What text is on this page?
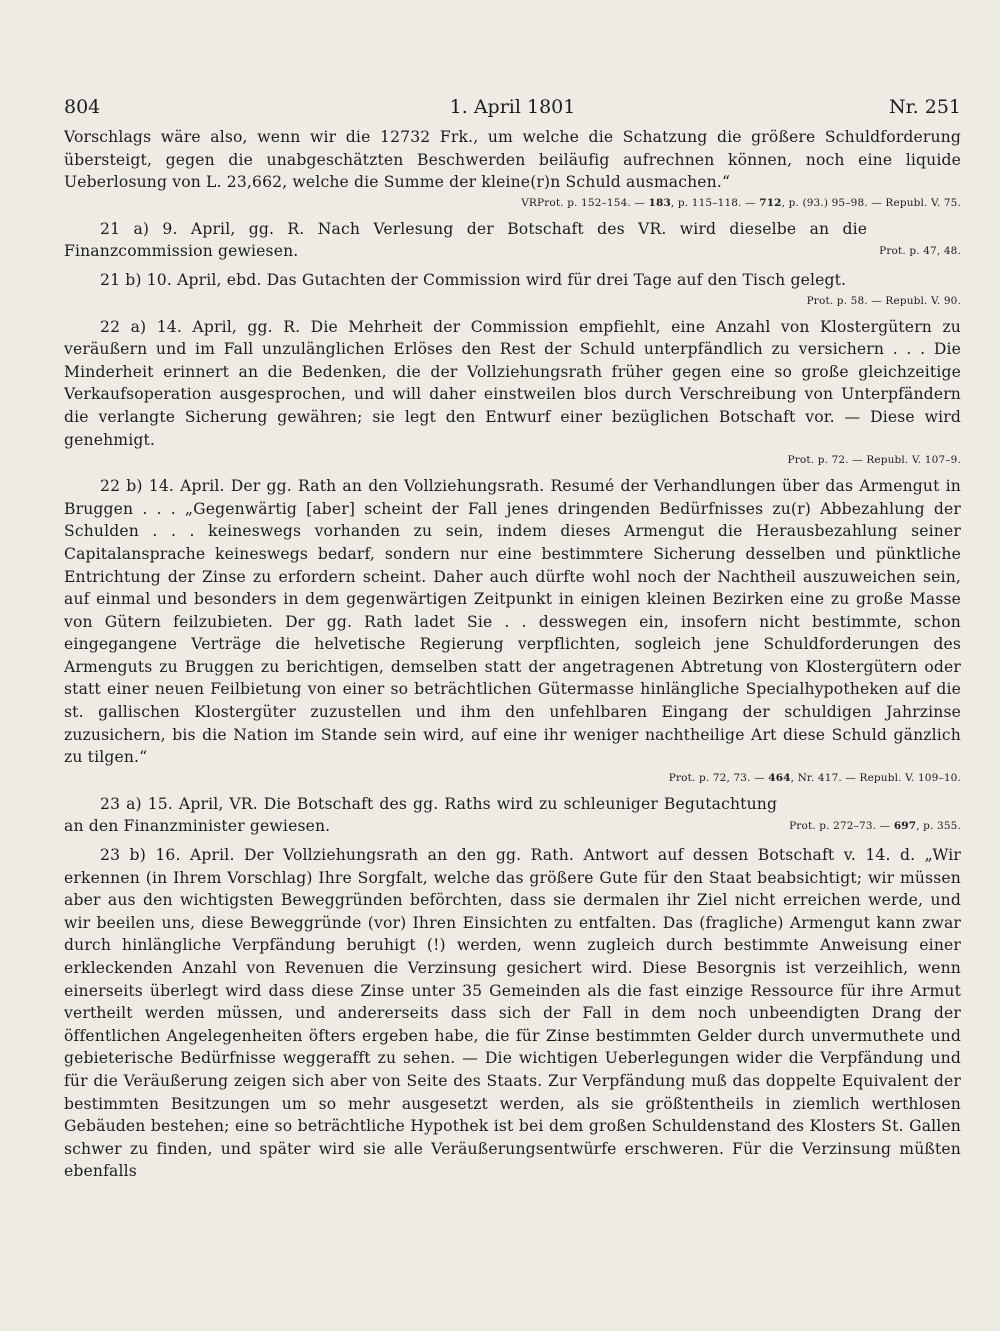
804	1. April 1801	Nr. 251

Vorschlags wäre also, wenn wir die 12732 Frk., um welche die Schatzung die größere Schuldforderung übersteigt, gegen die unabgeschätzten Beschwerden beiläufig aufrechnen können, noch eine liquide Ueberlosung von L. 23,662, welche die Summe der kleine(r)n Schuld ausmachen.“

VRProt. p. 152–154. — 183, p. 115–118. — 712, p. (93.) 95–98. — Republ. V. 75.
Prot. p. 47, 48.

21 a) 9. April, gg. R. Nach Verlesung der Botschaft des VR. wird dieselbe an die Finanzcommission gewiesen.

21 b) 10. April, ebd. Das Gutachten der Commission wird für drei Tage auf den Tisch gelegt.

Prot. p. 58. — Republ. V. 90.

22 a) 14. April, gg. R. Die Mehrheit der Commission empfiehlt, eine Anzahl von Klostergütern zu veräußern und im Fall unzulänglichen Erlöses den Rest der Schuld unterpfändlich zu versichern . . . Die Minderheit erinnert an die Bedenken, die der Vollziehungsrath früher gegen eine so große gleichzeitige Verkaufsoperation ausgesprochen, und will daher einstweilen blos durch Verschreibung von Unterpfändern die verlangte Sicherung gewähren; sie legt den Entwurf einer bezüglichen Botschaft vor. — Diese wird genehmigt.

Prot. p. 72. — Republ. V. 107–9.

22 b) 14. April. Der gg. Rath an den Vollziehungsrath. Resumé der Verhandlungen über das Armengut in Bruggen . . . „Gegenwärtig [aber] scheint der Fall jenes dringenden Bedürfnisses zu(r) Abbezahlung der Schulden . . . keineswegs vorhanden zu sein, indem dieses Armengut die Herausbezahlung seiner Capitalansprache keineswegs bedarf, sondern nur eine bestimmtere Sicherung desselben und pünktliche Entrichtung der Zinse zu erfordern scheint. Daher auch dürfte wohl noch der Nachtheil auszuweichen sein, auf einmal und besonders in dem gegenwärtigen Zeitpunkt in einigen kleinen Bezirken eine zu große Masse von Gütern feilzubieten. Der gg. Rath ladet Sie . . desswegen ein, insofern nicht bestimmte, schon eingegangene Verträge die helvetische Regierung verpflichten, sogleich jene Schuldforderungen des Armenguts zu Bruggen zu berichtigen, demselben statt der angetragenen Abtretung von Klostergütern oder statt einer neuen Feilbietung von einer so beträchtlichen Gütermasse hinlängliche Specialhypotheken auf die st. gallischen Klostergüter zuzustellen und ihm den unfehlbaren Eingang der schuldigen Jahrzinse zuzusichern, bis die Nation im Stande sein wird, auf eine ihr weniger nachtheilige Art diese Schuld gänzlich zu tilgen.“

Prot. p. 72, 73. — 464, Nr. 417. — Republ. V. 109–10.
Prot. p. 272–73. — 697, p. 355.

23 a) 15. April, VR. Die Botschaft des gg. Raths wird zu schleuniger Begutachtung an den Finanzminister gewiesen.

23 b) 16. April. Der Vollziehungsrath an den gg. Rath. Antwort auf dessen Botschaft v. 14. d. „Wir erkennen (in Ihrem Vorschlag) Ihre Sorgfalt, welche das größere Gute für den Staat beabsichtigt; wir müssen aber aus den wichtigsten Beweggründen beförchten, dass sie dermalen ihr Ziel nicht erreichen werde, und wir beeilen uns, diese Beweggründe (vor) Ihren Einsichten zu entfalten. Das (fragliche) Armengut kann zwar durch hinlängliche Verpfändung beruhigt (!) werden, wenn zugleich durch bestimmte Anweisung einer erkleckenden Anzahl von Revenuen die Verzinsung gesichert wird. Diese Besorgnis ist verzeihlich, wenn einerseits überlegt wird dass diese Zinse unter 35 Gemeinden als die fast einzige Ressource für ihre Armut vertheilt werden müssen, und andererseits dass sich der Fall in dem noch unbeendigten Drang der öffentlichen Angelegenheiten öfters ergeben habe, die für Zinse bestimmten Gelder durch unvermuthete und gebieterische Bedürfnisse weggerafft zu sehen. — Die wichtigen Ueberlegungen wider die Verpfändung und für die Veräußerung zeigen sich aber von Seite des Staats. Zur Verpfändung muß das doppelte Equivalent der bestimmten Besitzungen um so mehr ausgesetzt werden, als sie größtentheils in ziemlich werthlosen Gebäuden bestehen; eine so beträchtliche Hypothek ist bei dem großen Schuldenstand des Klosters St. Gallen schwer zu finden, und später wird sie alle Veräußerungsentwürfe erschweren. Für die Verzinsung müßten ebenfalls
